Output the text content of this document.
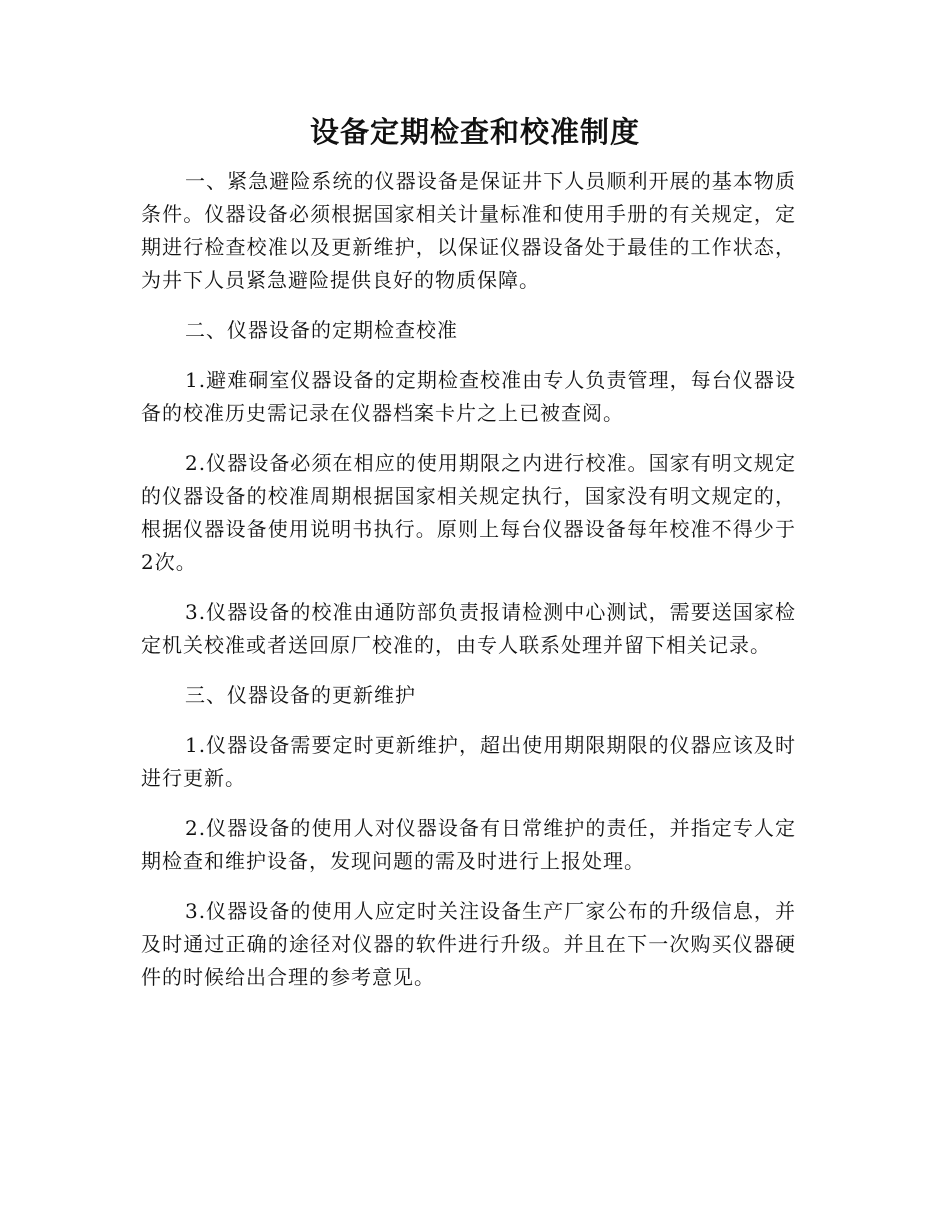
设备定期检查和校准制度

一、紧急避险系统的仪器设备是保证井下人员顺利开展的基本物质条件。仪器设备必须根据国家相关计量标准和使用手册的有关规定，定期进行检查校准以及更新维护，以保证仪器设备处于最佳的工作状态，为井下人员紧急避险提供良好的物质保障。

二、仪器设备的定期检查校准

1.避难硐室仪器设备的定期检查校准由专人负责管理，每台仪器设备的校准历史需记录在仪器档案卡片之上已被查阅。

2.仪器设备必须在相应的使用期限之内进行校准。国家有明文规定的仪器设备的校准周期根据国家相关规定执行，国家没有明文规定的，根据仪器设备使用说明书执行。原则上每台仪器设备每年校准不得少于2次。

3.仪器设备的校准由通防部负责报请检测中心测试，需要送国家检定机关校准或者送回原厂校准的，由专人联系处理并留下相关记录。

三、仪器设备的更新维护

1.仪器设备需要定时更新维护，超出使用期限期限的仪器应该及时进行更新。

2.仪器设备的使用人对仪器设备有日常维护的责任，并指定专人定期检查和维护设备，发现问题的需及时进行上报处理。

3.仪器设备的使用人应定时关注设备生产厂家公布的升级信息，并及时通过正确的途径对仪器的软件进行升级。并且在下一次购买仪器硬件的时候给出合理的参考意见。
